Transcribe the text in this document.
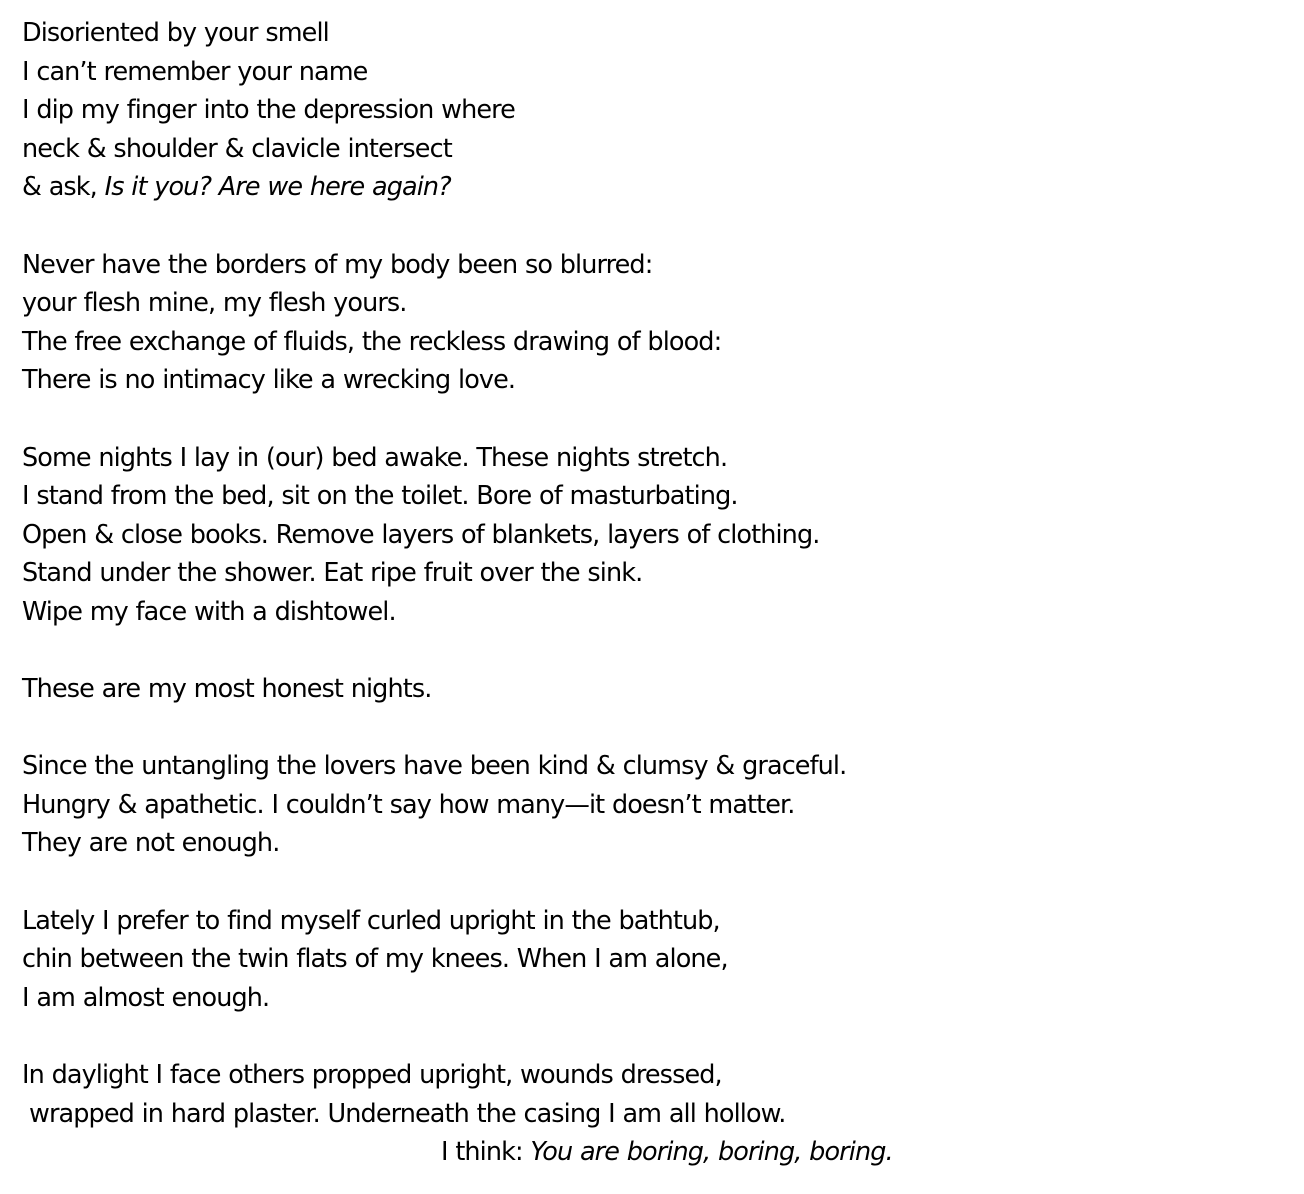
Disoriented by your smell
I can’t remember your name
I dip my finger into the depression where
neck & shoulder & clavicle intersect
& ask, Is it you? Are we here again?
Never have the borders of my body been so blurred:
your flesh mine, my flesh yours.
The free exchange of fluids, the reckless drawing of blood:
There is no intimacy like a wrecking love.
Some nights I lay in (our) bed awake. These nights stretch.
I stand from the bed, sit on the toilet. Bore of masturbating.
Open & close books. Remove layers of blankets, layers of clothing.
Stand under the shower. Eat ripe fruit over the sink.
Wipe my face with a dishtowel.
These are my most honest nights.
Since the untangling the lovers have been kind & clumsy & graceful.
Hungry & apathetic. I couldn’t say how many—it doesn’t matter.
They are not enough.
Lately I prefer to find myself curled upright in the bathtub,
chin between the twin flats of my knees. When I am alone,
I am almost enough.
In daylight I face others propped upright, wounds dressed,
wrapped in hard plaster. Underneath the casing I am all hollow.
I think: You are boring, boring, boring.
